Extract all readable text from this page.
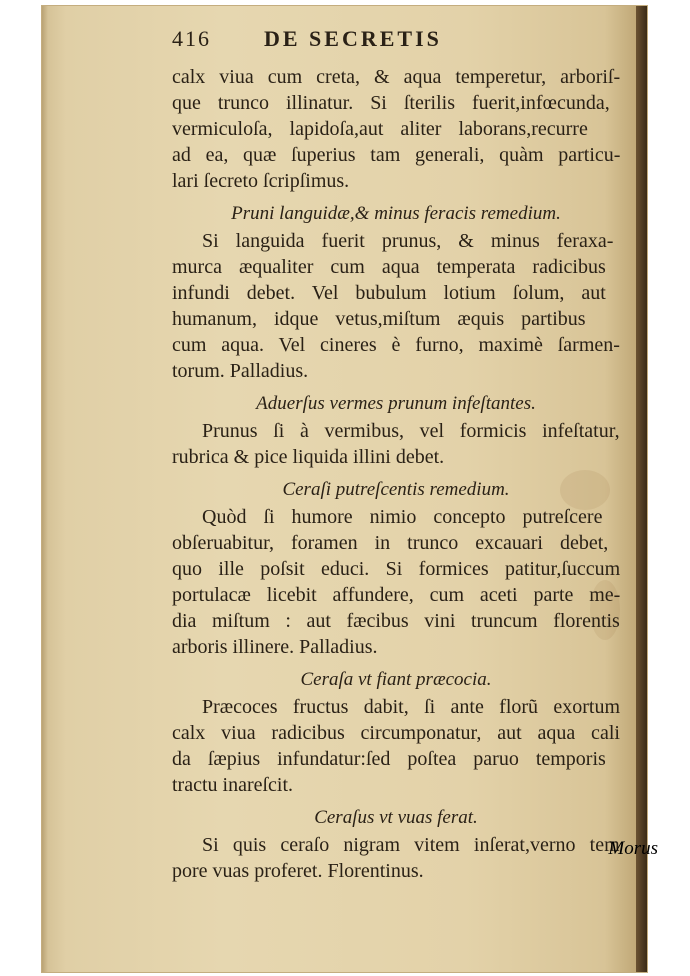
416	DE SECRETIS
calx viua cum creta, & aqua temperetur, arboriſ-
que trunco illinatur. Si ſterilis fuerit,infœcunda,
vermiculoſa, lapidoſa,aut aliter laborans,recurre
ad ea, quæ ſuperius tam generali, quàm particu-
lari ſecreto ſcripſimus.
Pruni languidæ,& minus feracis remedium.
Si languida fuerit prunus, & minus feraxa-
murca æqualiter cum aqua temperata radicibus
infundi debet. Vel bubulum lotium ſolum, aut
humanum, idque vetus,miſtum æquis partibus
cum aqua. Vel cineres è furno, maximè ſarmen-
torum. Palladius.
Aduerſus vermes prunum infeſtantes.
Prunus ſi à vermibus, vel formicis infeſtatur,
rubrica & pice liquida illini debet.
Ceraſi putreſcentis remedium.
Quòd ſi humore nimio concepto putreſcere
obſeruabitur, foramen in trunco excauari debet,
quo ille poſsit educi. Si formices patitur,ſuccum
portulacæ licebit affundere, cum aceti parte me-
dia miſtum : aut fæcibus vini truncum florentis
arboris illinere. Palladius.
Ceraſa vt fiant præcocia.
Præcoces fructus dabit, ſi ante florũ exortum
calx viua radicibus circumponatur, aut aqua cali
da ſæpius infundatur:ſed poſtea paruo temporis
tractu inareſcit.
Ceraſus vt vuas ferat.
Si quis ceraſo nigram vitem inſerat,verno tem
pore vuas proferet. Florentinus.
Morus
